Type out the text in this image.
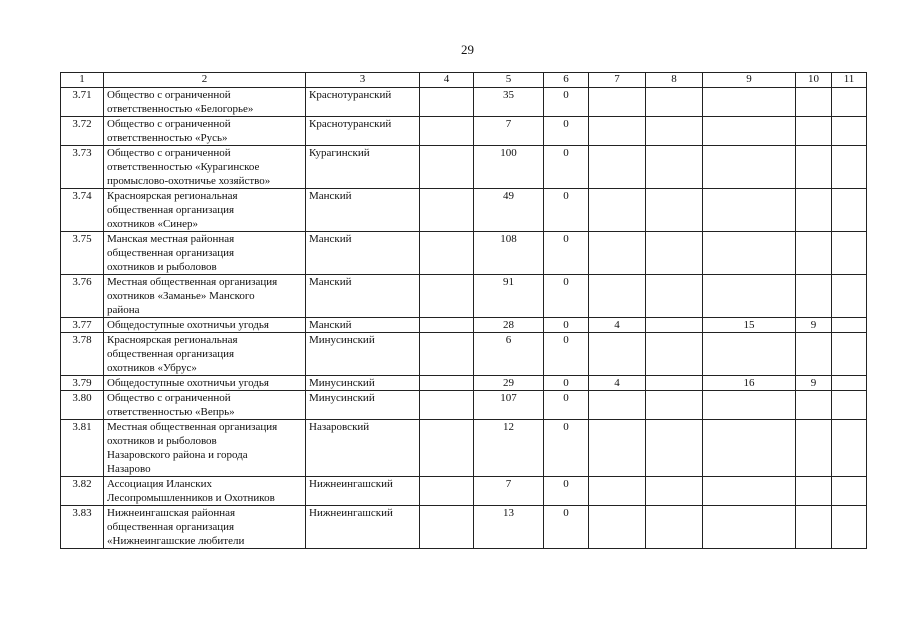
29
1	2	3	4	5	6	7	8	9	10	11
3.71	Общество с ограниченной
ответственностью «Белогорье»	Краснотуранский		35	0					
3.72	Общество с ограниченной
ответственностью «Русь»	Краснотуранский		7	0					
3.73	Общество с ограниченной
ответственностью «Курагинское
промыслово-охотничье хозяйство»	Курагинский		100	0					
3.74	Красноярская региональная
общественная организация
охотников «Синер»	Манский		49	0					
3.75	Манская местная районная
общественная организация
охотников и рыболовов	Манский		108	0					
3.76	Местная общественная организация
охотников «Заманье» Манского
района	Манский		91	0					
3.77	Общедоступные охотничьи угодья	Манский		28	0	4		15	9	
3.78	Красноярская региональная
общественная организация
охотников «Убрус»	Минусинский		6	0					
3.79	Общедоступные охотничьи угодья	Минусинский		29	0	4		16	9	
3.80	Общество с ограниченной
ответственностью «Вепрь»	Минусинский		107	0					
3.81	Местная общественная организация
охотников и рыболовов
Назаровского района и города
Назарово	Назаровский		12	0					
3.82	Ассоциация Иланских
Лесопромышленников и Охотников	Нижнеингашский		7	0					
3.83	Нижнеингашская районная
общественная организация
«Нижнеингашские любители	Нижнеингашский		13	0					
